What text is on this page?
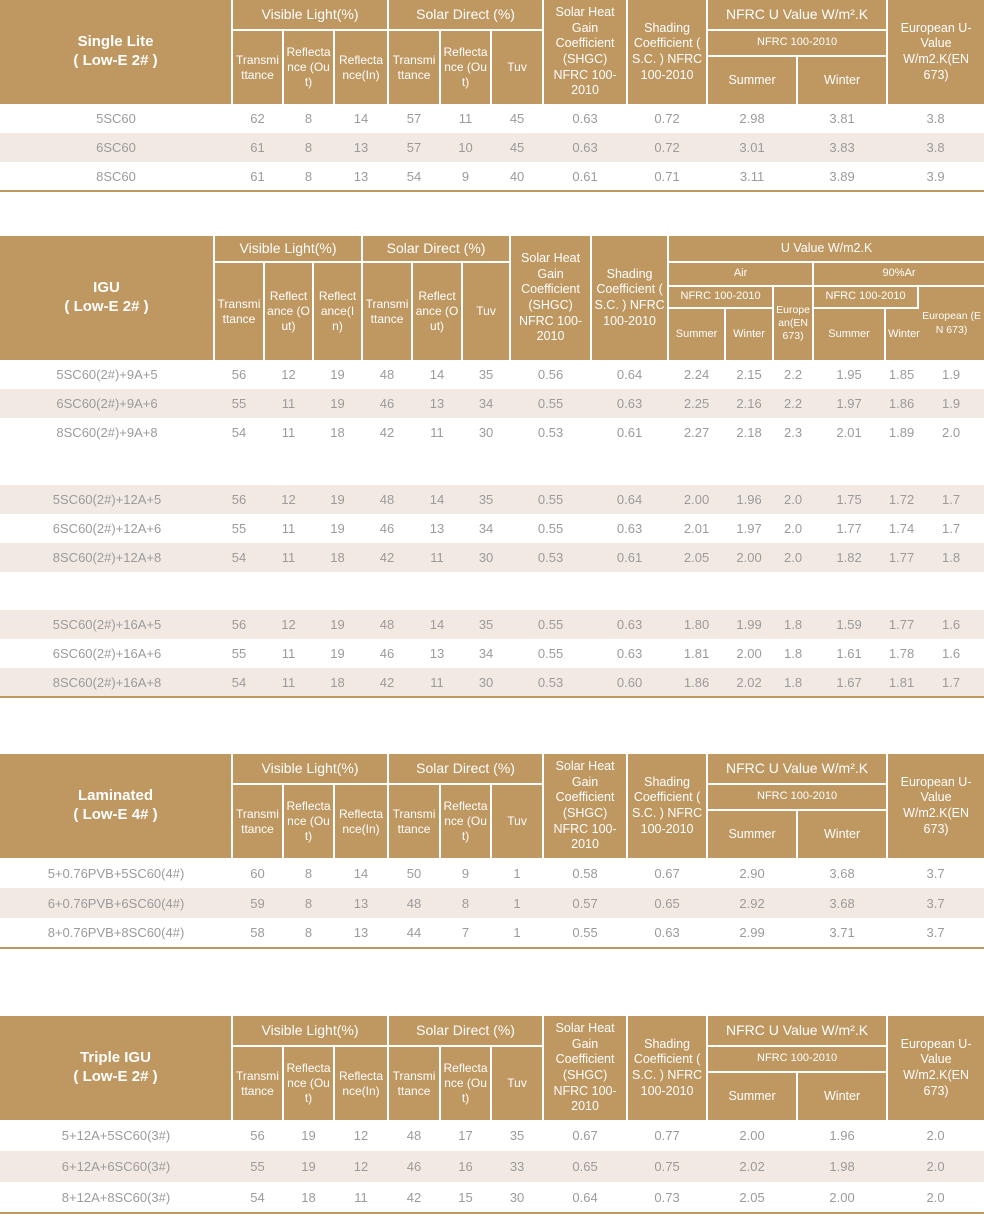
Single Lite
( Low-E 2# )	Visible Light(%)			Solar Direct (%)			Solar Heat Gain Coefficient (SHGC) NFRC 100-2010	Shading Coefficient ( S.C. ) NFRC 100-2010	NFRC U Value W/m².K		European U-Value W/m2.K(EN 673)
	Transmittance	Reflectance (Out)	Reflectance(In)	Transmittance	Reflectance (Out)	Tuv			NFRC 100-2010		
									Summer	Winter	
5SC60	62	8	14	57	11	45	0.63	0.72	2.98	3.81	3.8
6SC60	61	8	13	57	10	45	0.63	0.72	3.01	3.83	3.8
8SC60	61	8	13	54	9	40	0.61	0.71	3.11	3.89	3.9
IGU
( Low-E 2# )	Visible Light(%)			Solar Direct (%)			Solar Heat Gain Coefficient (SHGC) NFRC 100-2010	Shading Coefficient ( S.C. ) NFRC 100-2010	U Value W/m2.K					
	Transmittance	Reflectance (Out)	Reflectance(In)	Transmittance	Reflectance (Out)	Tuv			Air			90%Ar		
									NFRC 100-2010		European(EN 673)	NFRC 100-2010		European (EN 673)
									Summer	Winter		Summer	Winter	
5SC60(2#)+9A+5	56	12	19	48	14	35	0.56	0.64	2.24	2.15	2.2	1.95	1.85	1.9
6SC60(2#)+9A+6	55	11	19	46	13	34	0.55	0.63	2.25	2.16	2.2	1.97	1.86	1.9
8SC60(2#)+9A+8	54	11	18	42	11	30	0.53	0.61	2.27	2.18	2.3	2.01	1.89	2.0

5SC60(2#)+12A+5	56	12	19	48	14	35	0.55	0.64	2.00	1.96	2.0	1.75	1.72	1.7
6SC60(2#)+12A+6	55	11	19	46	13	34	0.55	0.63	2.01	1.97	2.0	1.77	1.74	1.7
8SC60(2#)+12A+8	54	11	18	42	11	30	0.53	0.61	2.05	2.00	2.0	1.82	1.77	1.8

5SC60(2#)+16A+5	56	12	19	48	14	35	0.55	0.63	1.80	1.99	1.8	1.59	1.77	1.6
6SC60(2#)+16A+6	55	11	19	46	13	34	0.55	0.63	1.81	2.00	1.8	1.61	1.78	1.6
8SC60(2#)+16A+8	54	11	18	42	11	30	0.53	0.60	1.86	2.02	1.8	1.67	1.81	1.7
Laminated
( Low-E 4# )	Visible Light(%)			Solar Direct (%)			Solar Heat Gain Coefficient (SHGC) NFRC 100-2010	Shading Coefficient ( S.C. ) NFRC 100-2010	NFRC U Value W/m².K		European U-Value W/m2.K(EN 673)
	Transmittance	Reflectance (Out)	Reflectance(In)	Transmittance	Reflectance (Out)	Tuv			NFRC 100-2010		
									Summer	Winter	
5+0.76PVB+5SC60(4#)	60	8	14	50	9	1	0.58	0.67	2.90	3.68	3.7
6+0.76PVB+6SC60(4#)	59	8	13	48	8	1	0.57	0.65	2.92	3.68	3.7
8+0.76PVB+8SC60(4#)	58	8	13	44	7	1	0.55	0.63	2.99	3.71	3.7
Triple IGU
( Low-E 2# )	Visible Light(%)			Solar Direct (%)			Solar Heat Gain Coefficient (SHGC) NFRC 100-2010	Shading Coefficient ( S.C. ) NFRC 100-2010	NFRC U Value W/m².K		European U-Value W/m2.K(EN 673)
	Transmittance	Reflectance (Out)	Reflectance(In)	Transmittance	Reflectance (Out)	Tuv			NFRC 100-2010		
									Summer	Winter	
5+12A+5SC60(3#)	56	19	12	48	17	35	0.67	0.77	2.00	1.96	2.0
6+12A+6SC60(3#)	55	19	12	46	16	33	0.65	0.75	2.02	1.98	2.0
8+12A+8SC60(3#)	54	18	11	42	15	30	0.64	0.73	2.05	2.00	2.0
